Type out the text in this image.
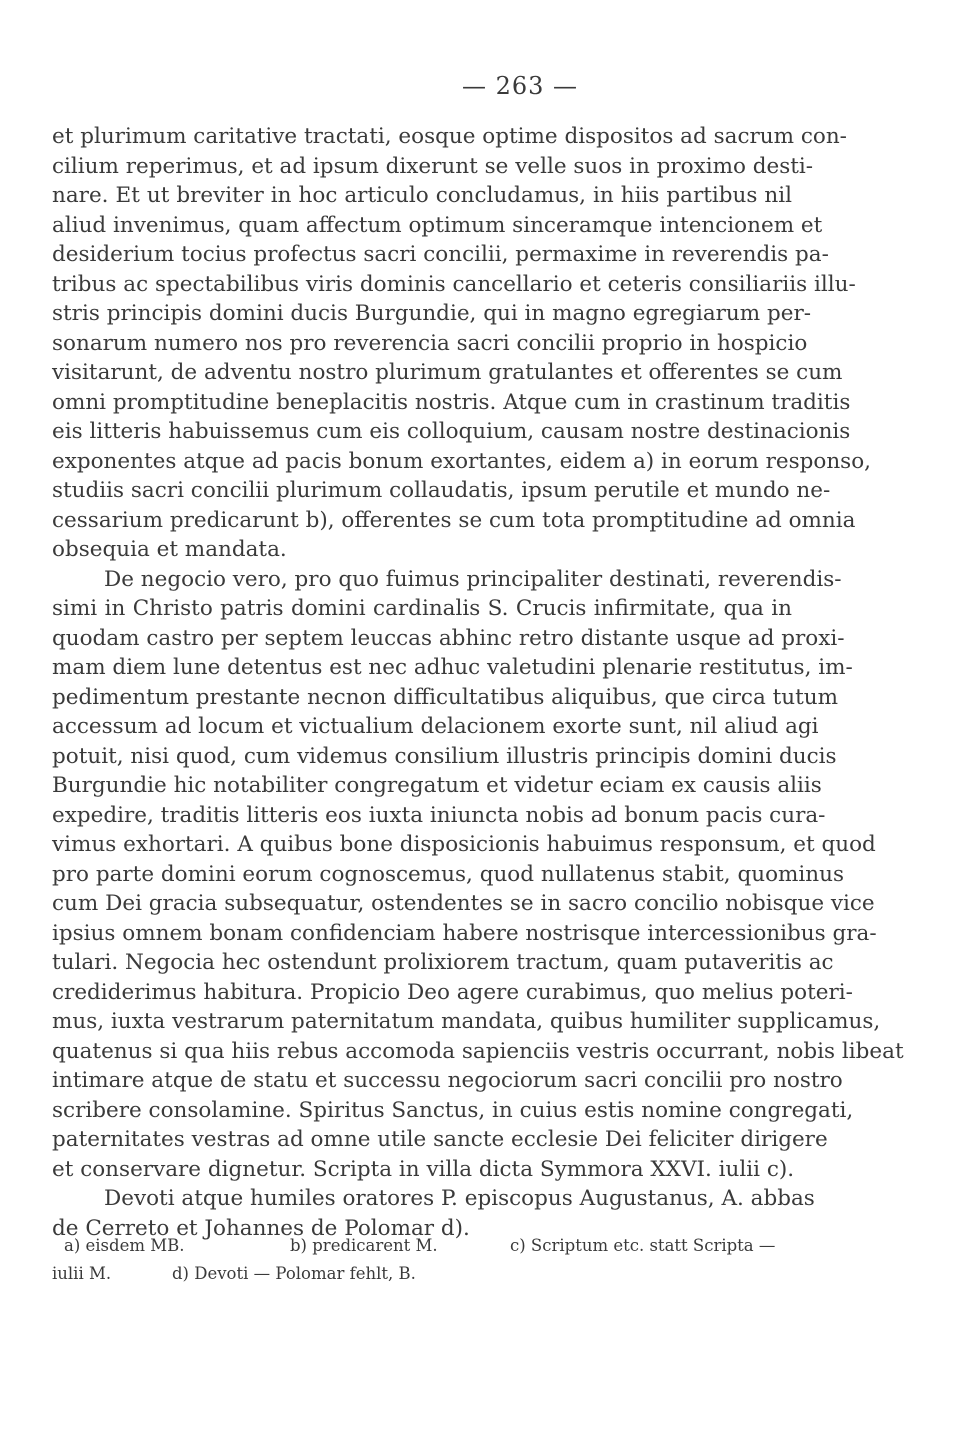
— 263 —
et plurimum caritative tractati, eosque optime dispositos ad sacrum con-
cilium reperimus, et ad ipsum dixerunt se velle suos in proximo desti-
nare. Et ut breviter in hoc articulo concludamus, in hiis partibus nil
aliud invenimus, quam affectum optimum sinceramque intencionem et
desiderium tocius profectus sacri concilii, permaxime in reverendis pa-
tribus ac spectabilibus viris dominis cancellario et ceteris consiliariis illu-
stris principis domini ducis Burgundie, qui in magno egregiarum per-
sonarum numero nos pro reverencia sacri concilii proprio in hospicio
visitarunt, de adventu nostro plurimum gratulantes et offerentes se cum
omni promptitudine beneplacitis nostris. Atque cum in crastinum traditis
eis litteris habuissemus cum eis colloquium, causam nostre destinacionis
exponentes atque ad pacis bonum exortantes, eidem a) in eorum responso,
studiis sacri concilii plurimum collaudatis, ipsum perutile et mundo ne-
cessarium predicarunt b), offerentes se cum tota promptitudine ad omnia
obsequia et mandata.
De negocio vero, pro quo fuimus principaliter destinati, reverendis-
simi in Christo patris domini cardinalis S. Crucis infirmitate, qua in
quodam castro per septem leuccas abhinc retro distante usque ad proxi-
mam diem lune detentus est nec adhuc valetudini plenarie restitutus, im-
pedimentum prestante necnon difficultatibus aliquibus, que circa tutum
accessum ad locum et victualium delacionem exorte sunt, nil aliud agi
potuit, nisi quod, cum videmus consilium illustris principis domini ducis
Burgundie hic notabiliter congregatum et videtur eciam ex causis aliis
expedire, traditis litteris eos iuxta iniuncta nobis ad bonum pacis cura-
vimus exhortari. A quibus bone disposicionis habuimus responsum, et quod
pro parte domini eorum cognoscemus, quod nullatenus stabit, quominus
cum Dei gracia subsequatur, ostendentes se in sacro concilio nobisque vice
ipsius omnem bonam confidenciam habere nostrisque intercessionibus gra-
tulari. Negocia hec ostendunt prolixiorem tractum, quam putaveritis ac
crediderimus habitura. Propicio Deo agere curabimus, quo melius poteri-
mus, iuxta vestrarum paternitatum mandata, quibus humiliter supplicamus,
quatenus si qua hiis rebus accomoda sapienciis vestris occurrant, nobis libeat
intimare atque de statu et successu negociorum sacri concilii pro nostro
scribere consolamine. Spiritus Sanctus, in cuius estis nomine congregati,
paternitates vestras ad omne utile sancte ecclesie Dei feliciter dirigere
et conservare dignetur. Scripta in villa dicta Symmora XXVI. iulii c).
Devoti atque humiles oratores P. episcopus Augustanus, A. abbas
de Cerreto et Johannes de Polomar d).
a) eisdem MB.	b) predicarent M.	c) Scriptum etc. statt Scripta —
iulii M.	d) Devoti — Polomar fehlt, B.
